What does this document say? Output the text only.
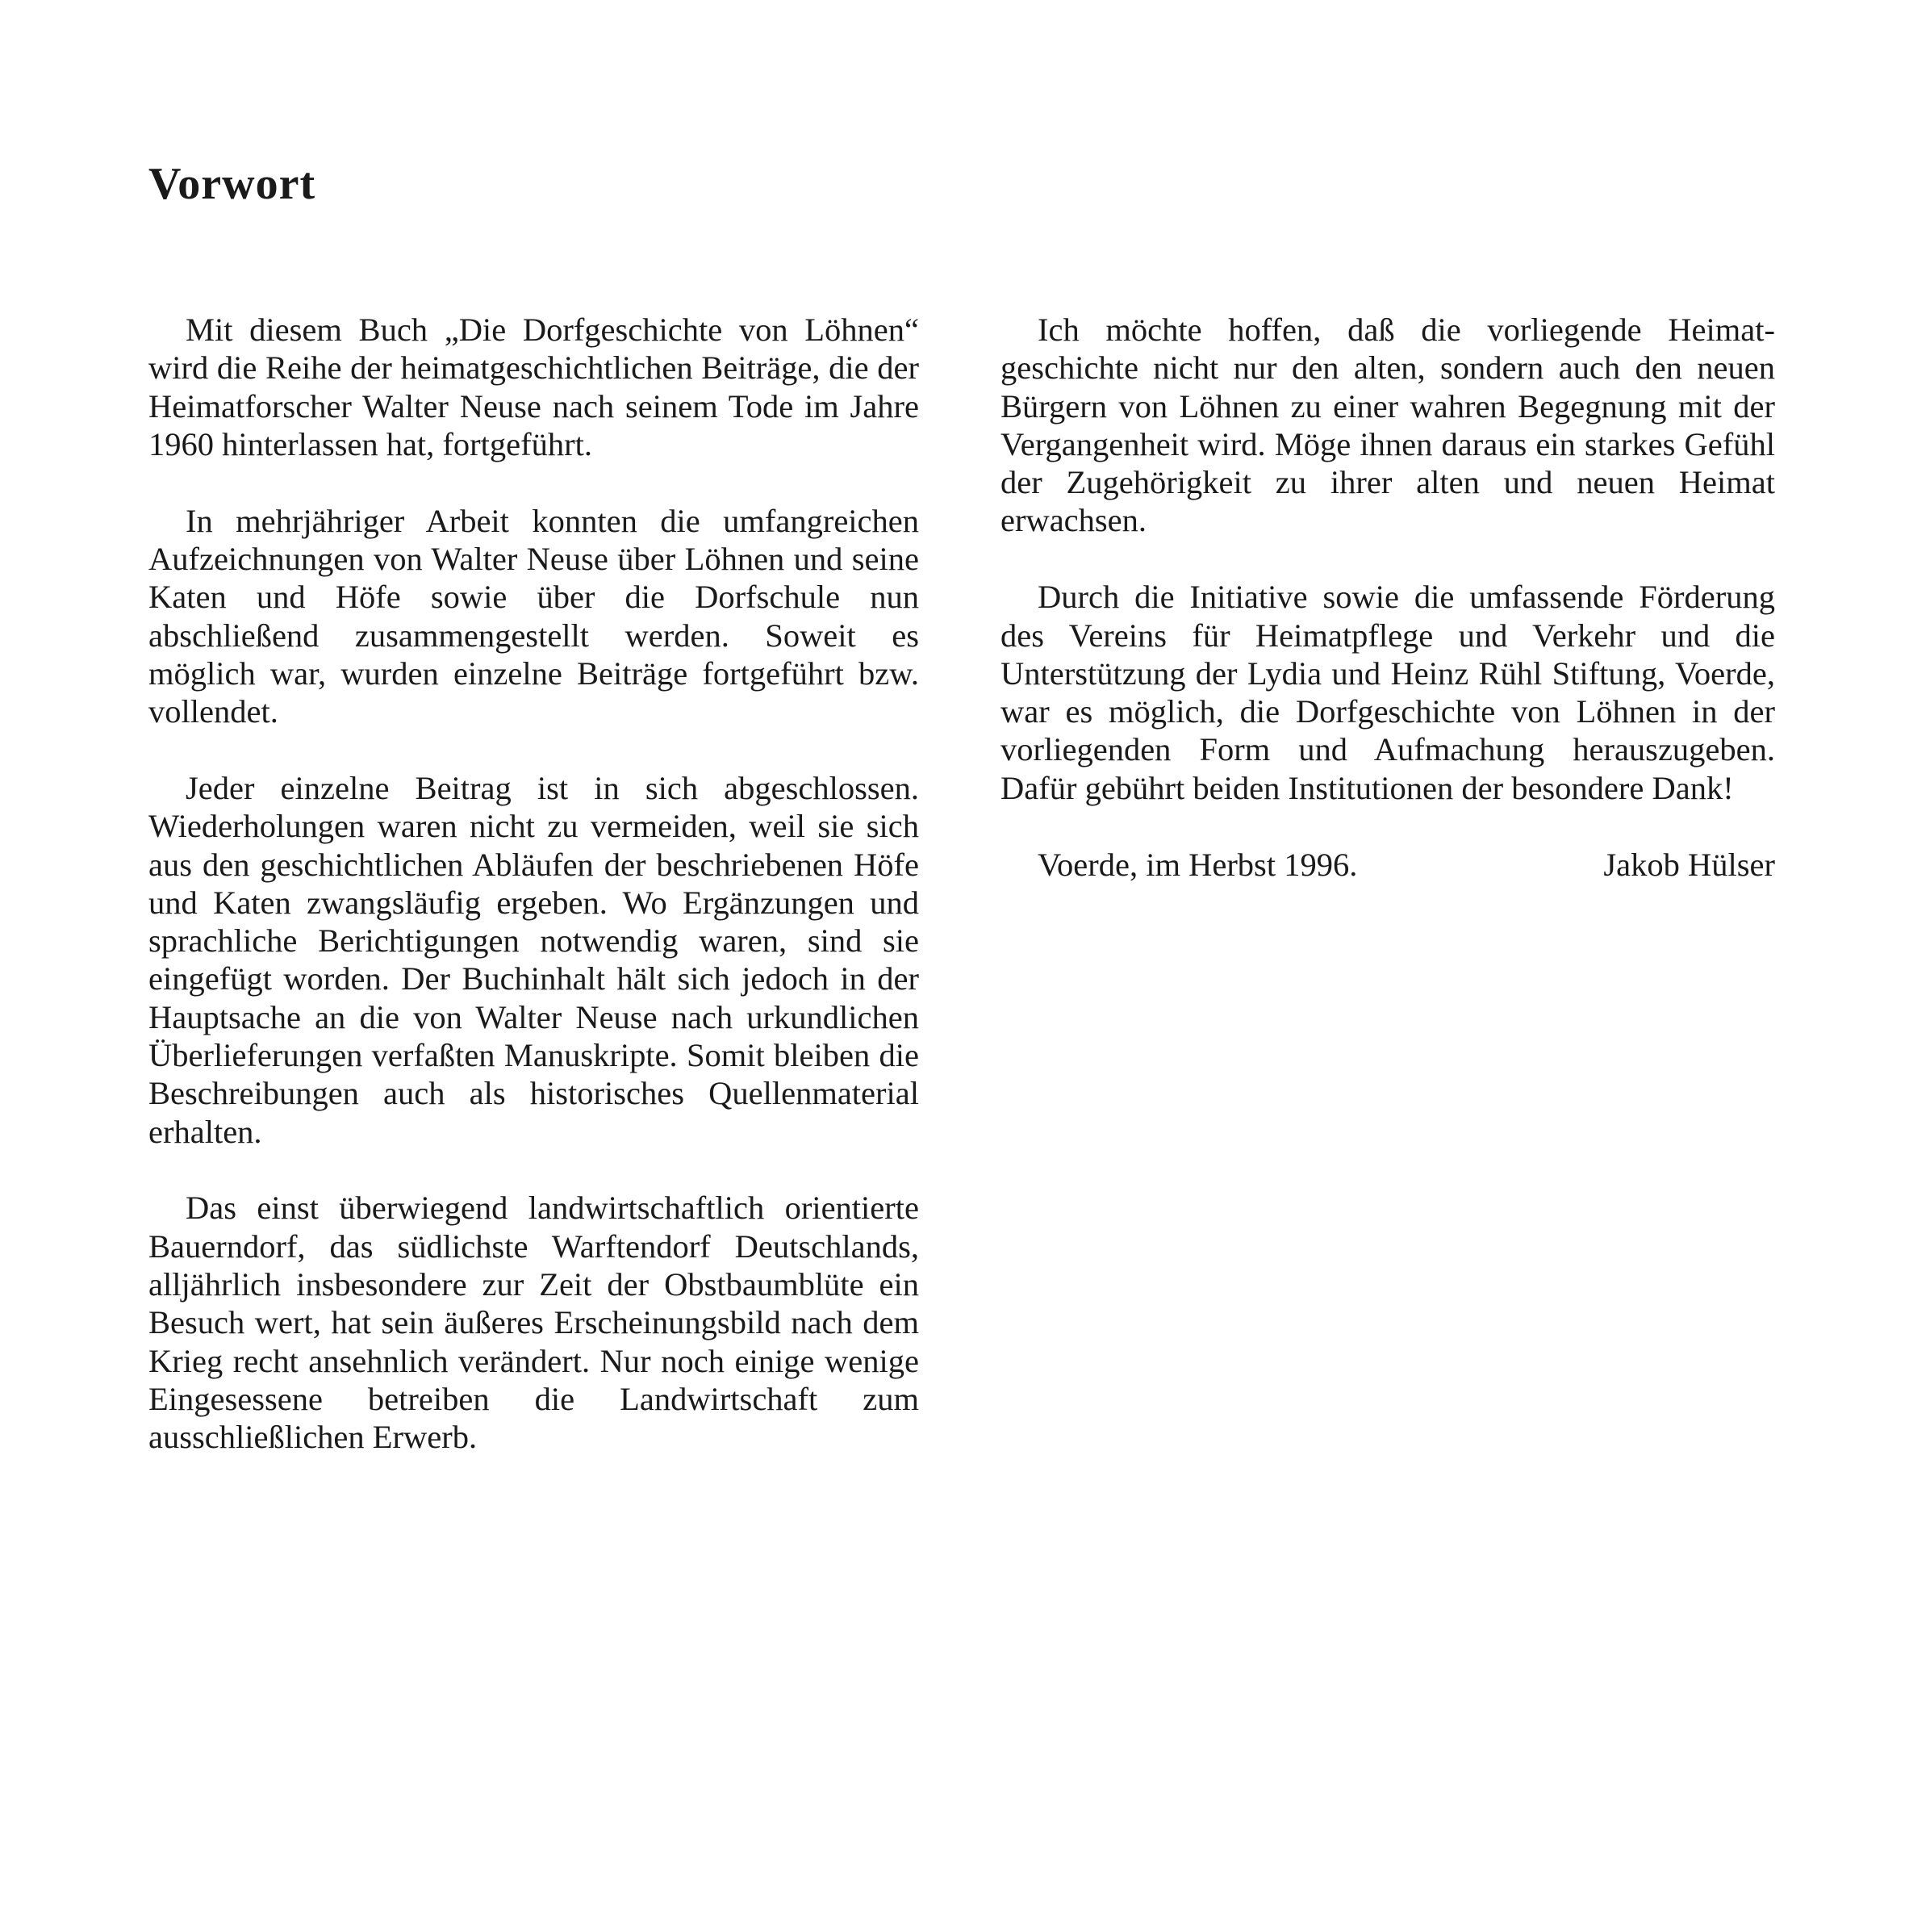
Vorwort

Mit diesem Buch „Die Dorfgeschichte von Löhnen“ wird die Reihe der heimatgeschichtlichen Beiträge, die der Heimatforscher Walter Neuse nach seinem Tode im Jahre 1960 hinterlassen hat, fortgeführt.

In mehrjähriger Arbeit konnten die umfangreichen Aufzeichnungen von Walter Neuse über Löhnen und seine Katen und Höfe sowie über die Dorfschule nun abschließend zusammengestellt werden. Soweit es möglich war, wurden einzelne Beiträge fortgeführt bzw. vollendet.

Jeder einzelne Beitrag ist in sich abgeschlossen. Wiederholungen waren nicht zu vermeiden, weil sie sich aus den geschichtlichen Abläufen der beschriebenen Höfe und Katen zwangsläufig ergeben. Wo Ergänzungen und sprachliche Berichtigungen notwendig waren, sind sie eingefügt worden. Der Buchinhalt hält sich jedoch in der Hauptsache an die von Walter Neuse nach urkundlichen Überlieferungen verfaßten Manuskripte. Somit bleiben die Beschreibungen auch als historisches Quellenmaterial erhalten.

Das einst überwiegend landwirtschaftlich orientierte Bauerndorf, das südlichste Warftendorf Deutschlands, alljährlich insbesondere zur Zeit der Obstbaumblüte ein Besuch wert, hat sein äußeres Erscheinungsbild nach dem Krieg recht ansehnlich verändert. Nur noch einige wenige Eingesessene betreiben die Landwirtschaft zum ausschließlichen Erwerb.

Ich möchte hoffen, daß die vorliegende Heimatgeschichte nicht nur den alten, sondern auch den neuen Bürgern von Löhnen zu einer wahren Begegnung mit der Vergangenheit wird. Möge ihnen daraus ein starkes Gefühl der Zugehörigkeit zu ihrer alten und neuen Heimat erwachsen.

Durch die Initiative sowie die umfassende Förderung des Vereins für Heimatpflege und Verkehr und die Unterstützung der Lydia und Heinz Rühl Stiftung, Voerde, war es möglich, die Dorfgeschichte von Löhnen in der vorliegenden Form und Aufmachung herauszugeben. Dafür gebührt beiden Institutionen der besondere Dank!

Voerde, im Herbst 1996.	Jakob Hülser
